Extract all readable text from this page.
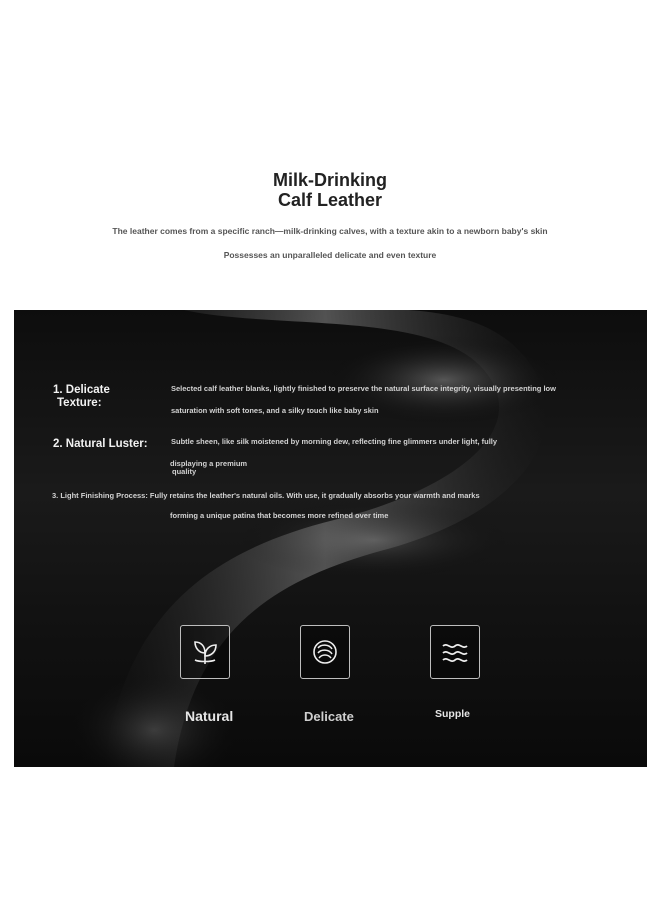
Milk-Drinking
Calf Leather
The leather comes from a specific ranch—milk-drinking calves, with a texture akin to a newborn baby's skin
Possesses an unparalleled delicate and even texture
1. Delicate
Texture:
Selected calf leather blanks, lightly finished to preserve the natural surface integrity, visually presenting low
saturation with soft tones, and a silky touch like baby skin
2. Natural Luster:	Subtle sheen, like silk moistened by morning dew, reflecting fine glimmers under light, fully
displaying a premium
quality
3. Light Finishing Process: Fully retains the leather's natural oils. With use, it gradually absorbs your warmth and marks
forming a unique patina that becomes more refined over time
Natural	Delicate	Supple
